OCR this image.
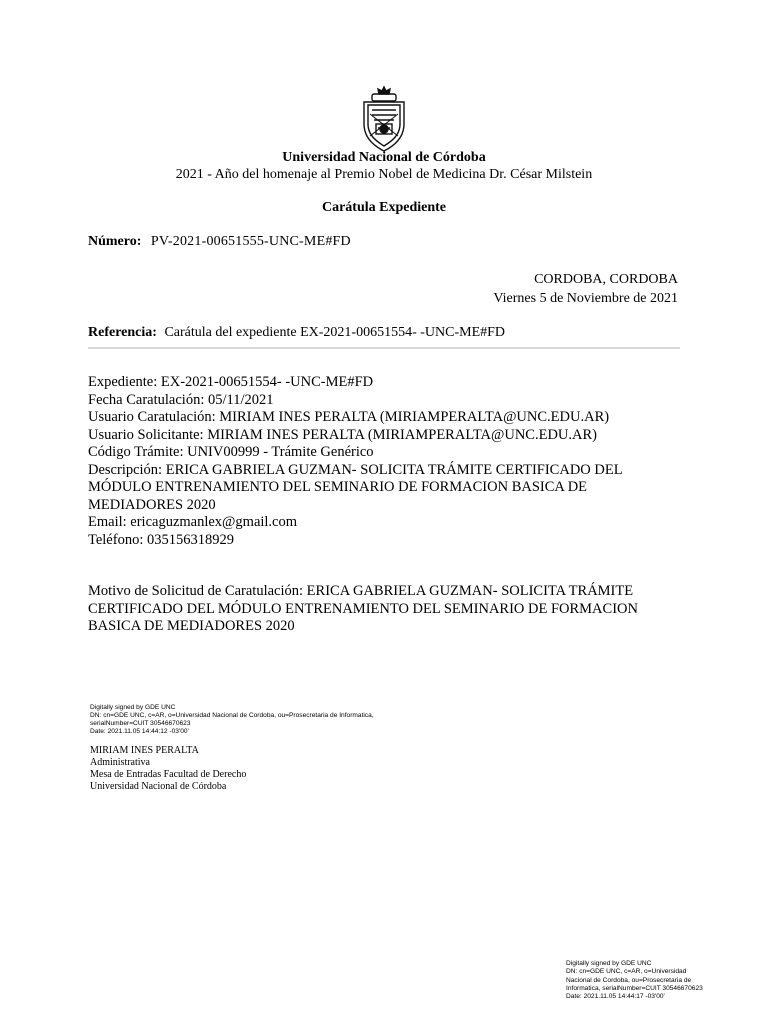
Universidad Nacional de Córdoba
2021 - Año del homenaje al Premio Nobel de Medicina Dr. César Milstein
Carátula Expediente
Número: PV-2021-00651555-UNC-ME#FD
CORDOBA, CORDOBA
Viernes 5 de Noviembre de 2021
Referencia: Carátula del expediente EX-2021-00651554- -UNC-ME#FD
Expediente: EX-2021-00651554- -UNC-ME#FD
Fecha Caratulación: 05/11/2021
Usuario Caratulación: MIRIAM INES PERALTA (MIRIAMPERALTA@UNC.EDU.AR)
Usuario Solicitante: MIRIAM INES PERALTA (MIRIAMPERALTA@UNC.EDU.AR)
Código Trámite: UNIV00999 - Trámite Genérico
Descripción: ERICA GABRIELA GUZMAN- SOLICITA TRÁMITE CERTIFICADO DEL MÓDULO ENTRENAMIENTO DEL SEMINARIO DE FORMACION BASICA DE MEDIADORES 2020
Email: ericaguzmanlex@gmail.com
Teléfono: 035156318929
Motivo de Solicitud de Caratulación: ERICA GABRIELA GUZMAN- SOLICITA TRÁMITE CERTIFICADO DEL MÓDULO ENTRENAMIENTO DEL SEMINARIO DE FORMACION BASICA DE MEDIADORES 2020
Digitally signed by GDE UNC
DN: cn=GDE UNC, c=AR, o=Universidad Nacional de Cordoba, ou=Prosecretaria de Informatica,
serialNumber=CUIT 30546670623
Date: 2021.11.05 14:44:12 -03'00'
MIRIAM INES PERALTA
Administrativa
Mesa de Entradas Facultad de Derecho
Universidad Nacional de Córdoba
Digitally signed by GDE UNC
DN: cn=GDE UNC, c=AR, o=Universidad
Nacional de Cordoba, ou=Prosecretaria de
Informatica, serialNumber=CUIT 30546670623
Date: 2021.11.05 14:44:17 -03'00'
